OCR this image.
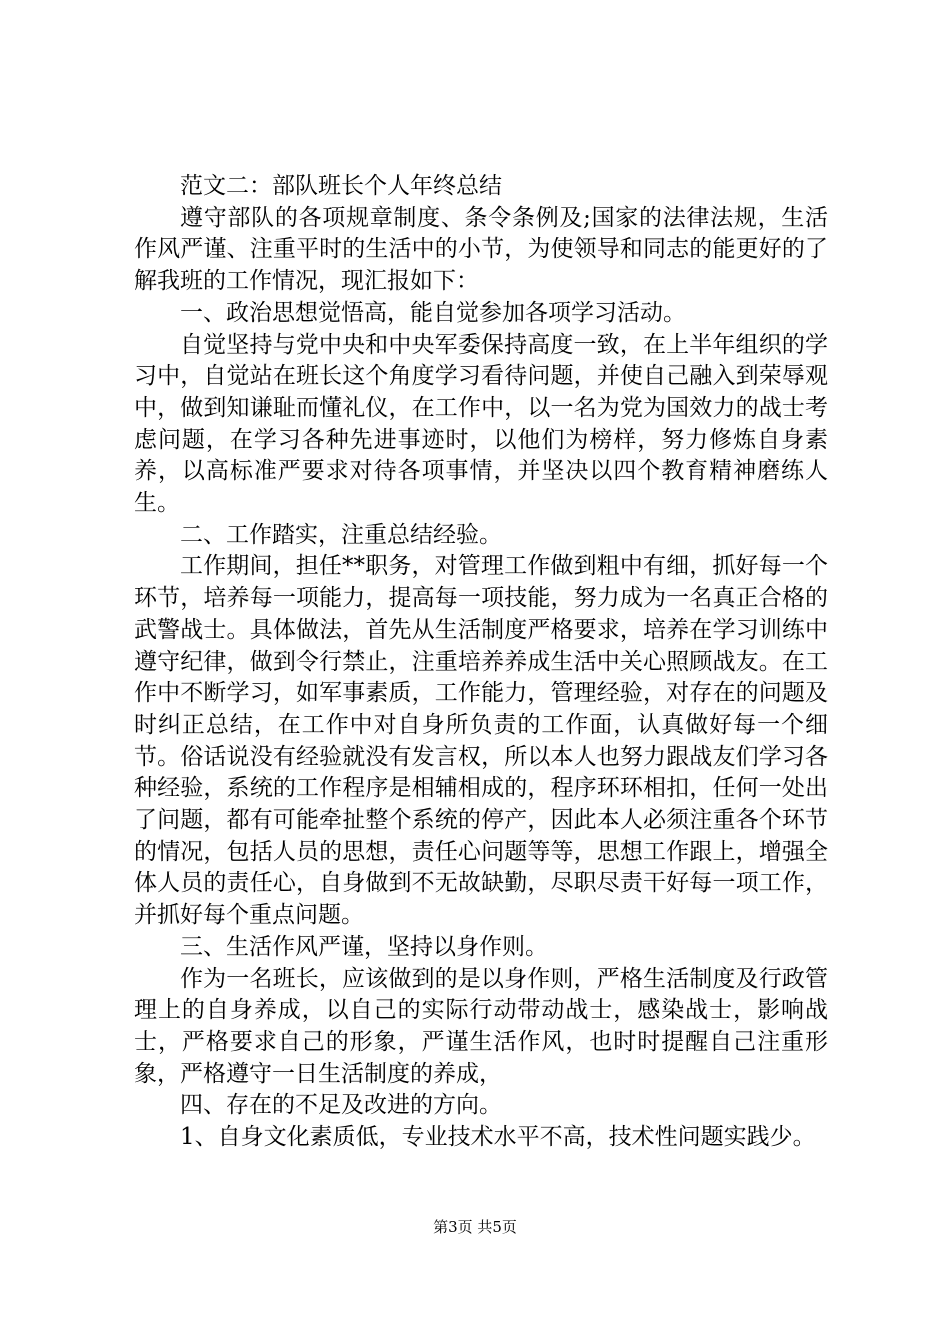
范文二：部队班长个人年终总结

遵守部队的各项规章制度、条令条例及;国家的法律法规，生活作风严谨、注重平时的生活中的小节，为使领导和同志的能更好的了解我班的工作情况，现汇报如下：

一、政治思想觉悟高，能自觉参加各项学习活动。

自觉坚持与党中央和中央军委保持高度一致，在上半年组织的学习中，自觉站在班长这个角度学习看待问题，并使自己融入到荣辱观中，做到知谦耻而懂礼仪，在工作中，以一名为党为国效力的战士考虑问题，在学习各种先进事迹时，以他们为榜样，努力修炼自身素养，以高标准严要求对待各项事情，并坚决以四个教育精神磨练人生。

二、工作踏实，注重总结经验。

工作期间，担任**职务，对管理工作做到粗中有细，抓好每一个环节，培养每一项能力，提高每一项技能，努力成为一名真正合格的武警战士。具体做法，首先从生活制度严格要求，培养在学习训练中遵守纪律，做到令行禁止，注重培养养成生活中关心照顾战友。在工作中不断学习，如军事素质，工作能力，管理经验，对存在的问题及时纠正总结，在工作中对自身所负责的工作面，认真做好每一个细节。俗话说没有经验就没有发言权，所以本人也努力跟战友们学习各种经验，系统的工作程序是相辅相成的，程序环环相扣，任何一处出了问题，都有可能牵扯整个系统的停产，因此本人必须注重各个环节的情况，包括人员的思想，责任心问题等等，思想工作跟上，增强全体人员的责任心，自身做到不无故缺勤，尽职尽责干好每一项工作，并抓好每个重点问题。

三、生活作风严谨，坚持以身作则。

作为一名班长，应该做到的是以身作则，严格生活制度及行政管理上的自身养成，以自己的实际行动带动战士，感染战士，影响战士，严格要求自己的形象，严谨生活作风，也时时提醒自己注重形象，严格遵守一日生活制度的养成，

四、存在的不足及改进的方向。

1、自身文化素质低，专业技术水平不高，技术性问题实践少。

第3页 共5页
